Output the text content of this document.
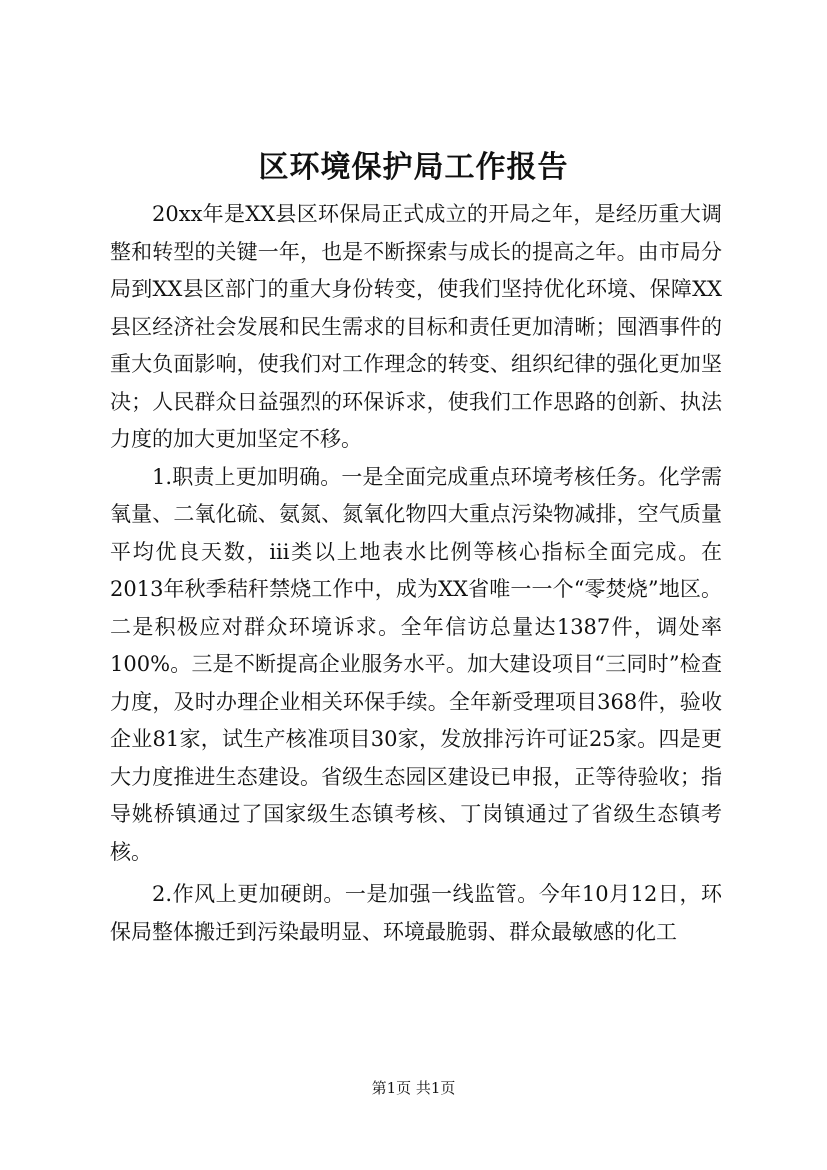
区环境保护局工作报告

20xx年是XX县区环保局正式成立的开局之年，是经历重大调整和转型的关键一年，也是不断探索与成长的提高之年。由市局分局到XX县区部门的重大身份转变，使我们坚持优化环境、保障XX县区经济社会发展和民生需求的目标和责任更加清晰；囤酒事件的重大负面影响，使我们对工作理念的转变、组织纪律的强化更加坚决；人民群众日益强烈的环保诉求，使我们工作思路的创新、执法力度的加大更加坚定不移。

1.职责上更加明确。一是全面完成重点环境考核任务。化学需氧量、二氧化硫、氨氮、氮氧化物四大重点污染物减排，空气质量平均优良天数，iii类以上地表水比例等核心指标全面完成。在2013年秋季秸秆禁烧工作中，成为XX省唯一一个“零焚烧”地区。二是积极应对群众环境诉求。全年信访总量达1387件，调处率100%。三是不断提高企业服务水平。加大建设项目“三同时”检查力度，及时办理企业相关环保手续。全年新受理项目368件，验收企业81家，试生产核准项目30家，发放排污许可证25家。四是更大力度推进生态建设。省级生态园区建设已申报，正等待验收；指导姚桥镇通过了国家级生态镇考核、丁岗镇通过了省级生态镇考核。

2.作风上更加硬朗。一是加强一线监管。今年10月12日，环保局整体搬迁到污染最明显、环境最脆弱、群众最敏感的化工

第1页 共1页
